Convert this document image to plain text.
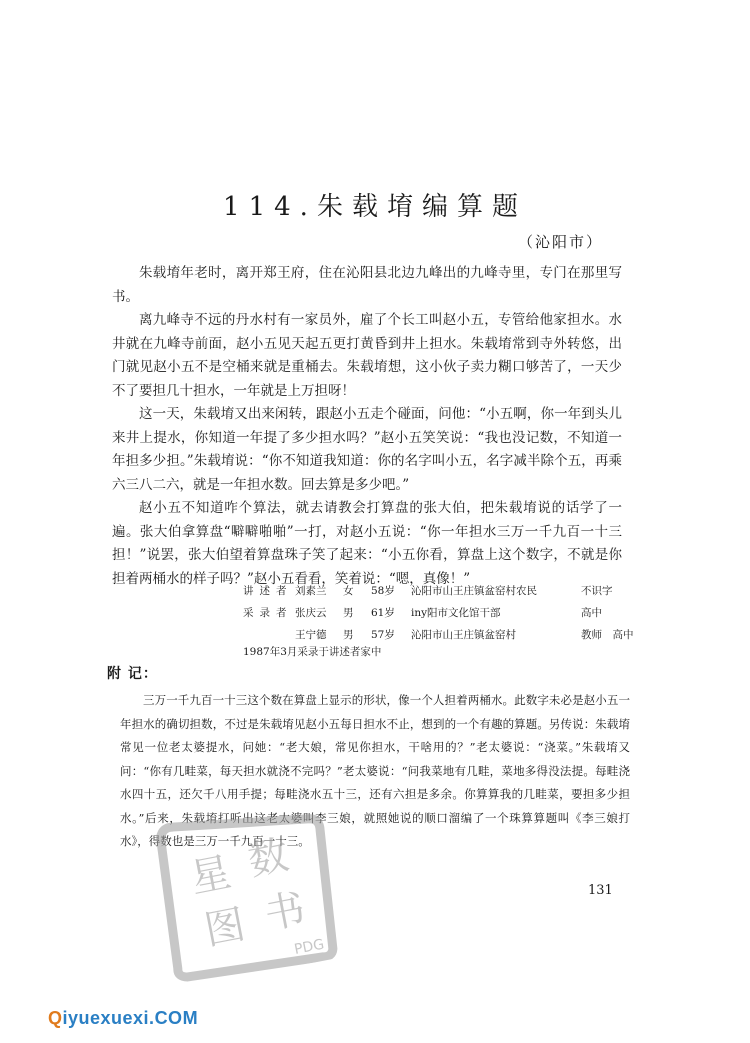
114.朱载堉编算题
（沁阳市）

朱载堉年老时，离开郑王府，住在沁阳县北边九峰出的九峰寺里，专门在那里写书。

离九峰寺不远的丹水村有一家员外，雇了个长工叫赵小五，专管给他家担水。水井就在九峰寺前面，赵小五见天起五更打黄昏到井上担水。朱载堉常到寺外转悠，出门就见赵小五不是空桶来就是重桶去。朱载堉想，这小伙子卖力糊口够苦了，一天少不了要担几十担水，一年就是上万担呀！

这一天，朱载堉又出来闲转，跟赵小五走个碰面，问他：“小五啊，你一年到头儿来井上提水，你知道一年提了多少担水吗？”赵小五笑笑说：“我也没记数，不知道一年担多少担。”朱载堉说：“你不知道我知道：你的名字叫小五，名字减半除个五，再乘六三八二六，就是一年担水数。回去算是多少吧。”

赵小五不知道咋个算法，就去请教会打算盘的张大伯，把朱载堉说的话学了一遍。张大伯拿算盘“噼噼啪啪”一打，对赵小五说：“你一年担水三万一千九百一十三担！”说罢，张大伯望着算盘珠子笑了起来：“小五你看，算盘上这个数字，不就是你担着两桶水的样子吗？”赵小五看看，笑着说：“嗯，真像！”

讲述者 刘素兰	女	58岁	沁阳市山王庄镇盆窑村农民	不识字
采录者 张庆云	男	61岁	iny阳市文化馆干部	高中
王宁德	男	57岁	沁阳市山王庄镇盆窑村	教师　高中
1987年3月采录于讲述者家中
附 记：

三万一千九百一十三这个数在算盘上显示的形状，像一个人担着两桶水。此数字未必是赵小五一年担水的确切担数，不过是朱载堉见赵小五每日担水不止，想到的一个有趣的算题。另传说：朱载堉常见一位老太婆提水，问她：“老大娘，常见你担水，干啥用的？”老太婆说：“浇菜。”朱载堉又问：“你有几畦菜，每天担水就浇不完吗？”老太婆说：“问我菜地有几畦，菜地多得没法提。每畦浇水四十五，还欠千八用手提；每畦浇水五十三，还有六担是多余。你算算我的几畦菜，要担多少担水。”后来，朱载堉打听出这老太婆叫李三娘，就照她说的顺口溜编了一个珠算算题叫《李三娘打水》，得数也是三万一千九百一十三。

131
星 数
图 书
PDG
Qiyuexuexi.COM
